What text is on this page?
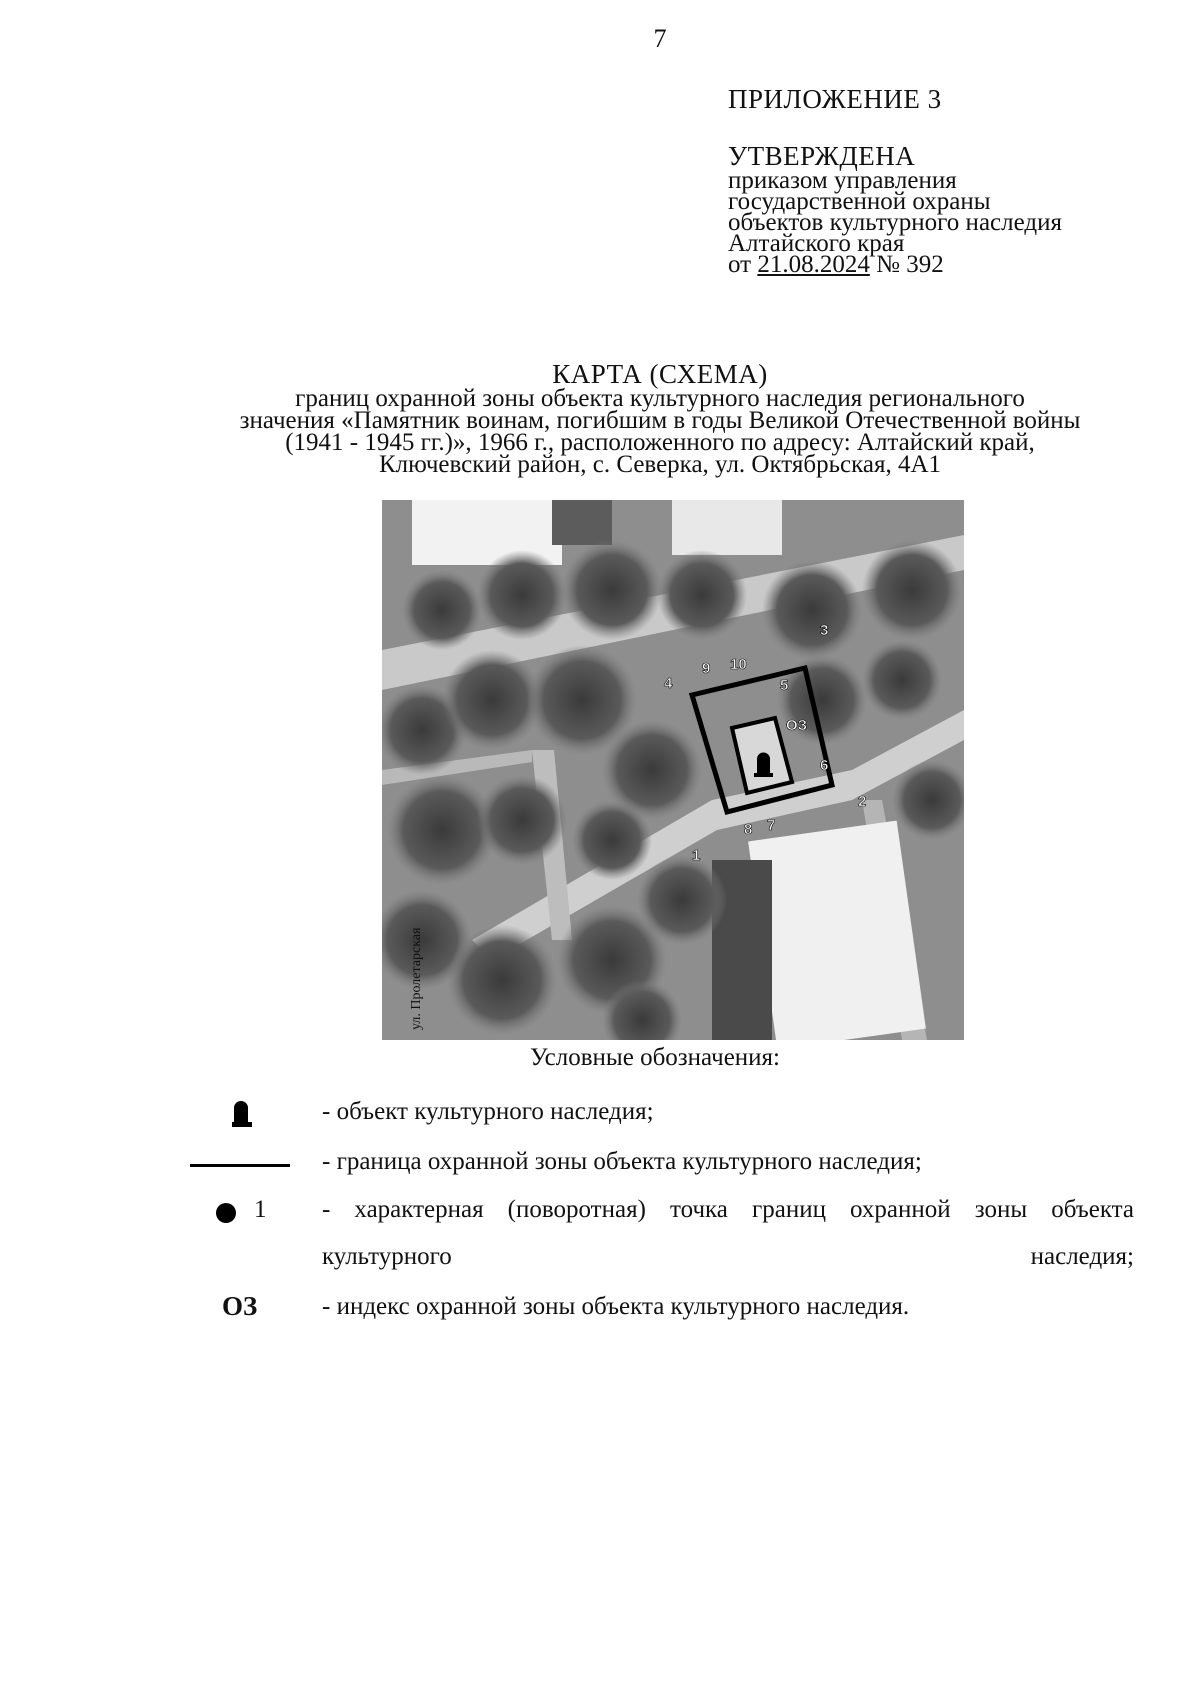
7
ПРИЛОЖЕНИЕ 3
УТВЕРЖДЕНА
приказом управления
государственной охраны
объектов культурного наследия
Алтайского края
от 21.08.2024 № 392
КАРТА (СХЕМА)
границ охранной зоны объекта культурного наследия регионального
значения «Памятник воинам, погибшим в годы Великой Отечественной войны
(1941 - 1945 гг.)», 1966 г., расположенного по адресу: Алтайский край,
Ключевский район, с. Северка, ул. Октябрьская, 4А1
1
2
3
4	5
6
7
8
9 10
ОЗ
ул. Пролетарская
Условные обозначения:
- объект культурного наследия;
- граница охранной зоны объекта культурного наследия;
1 - характерная (поворотная) точка границ охранной зоны объекта культурного наследия;
ОЗ	- индекс охранной зоны объекта культурного наследия.
